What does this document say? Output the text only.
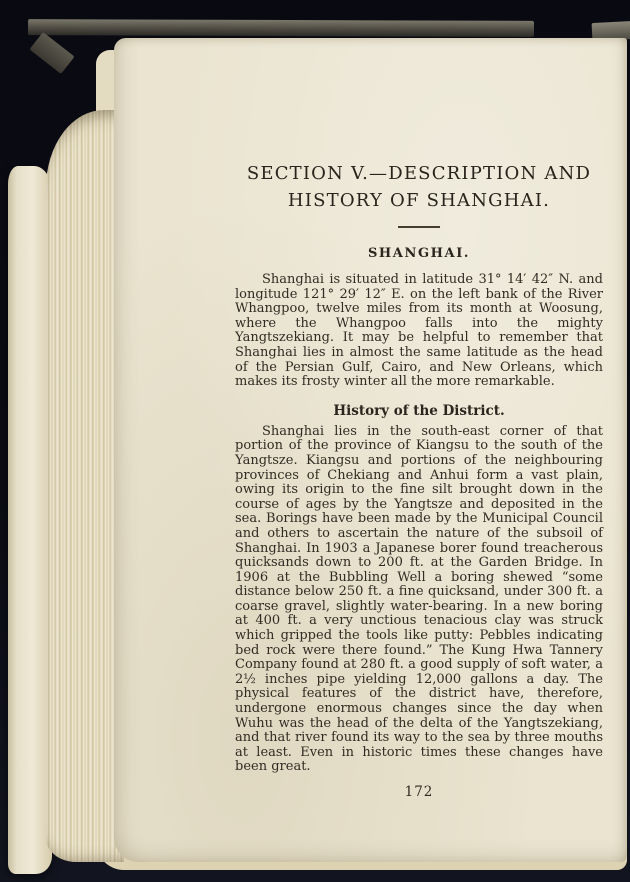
SECTION V.—DESCRIPTION AND
HISTORY OF SHANGHAI.
SHANGHAI.

Shanghai is situated in latitude 31° 14′ 42″ N. and longitude 121° 29′ 12″ E. on the left bank of the River Whangpoo, twelve miles from its month at Woosung, where the Whangpoo falls into the mighty Yangtszekiang. It may be helpful to remember that Shanghai lies in almost the same latitude as the head of the Persian Gulf, Cairo, and New Orleans, which makes its frosty winter all the more remarkable.

History of the District.

Shanghai lies in the south-east corner of that portion of the province of Kiangsu to the south of the Yangtsze. Kiangsu and portions of the neighbouring provinces of Chekiang and Anhui form a vast plain, owing its origin to the fine silt brought down in the course of ages by the Yangtsze and deposited in the sea. Borings have been made by the Municipal Council and others to ascertain the nature of the subsoil of Shanghai. In 1903 a Japanese borer found treacherous quicksands down to 200 ft. at the Garden Bridge. In 1906 at the Bubbling Well a boring shewed “some distance below 250 ft. a fine quicksand, under 300 ft. a coarse gravel, slightly water-bearing. In a new boring at 400 ft. a very unctious tenacious clay was struck which gripped the tools like putty: Pebbles indicating bed rock were there found.” The Kung Hwa Tannery Company found at 280 ft. a good supply of soft water, a 2½ inches pipe yielding 12,000 gallons a day. The physical features of the district have, therefore, undergone enormous changes since the day when Wuhu was the head of the delta of the Yangtszekiang, and that river found its way to the sea by three mouths at least. Even in historic times these changes have been great.

172
